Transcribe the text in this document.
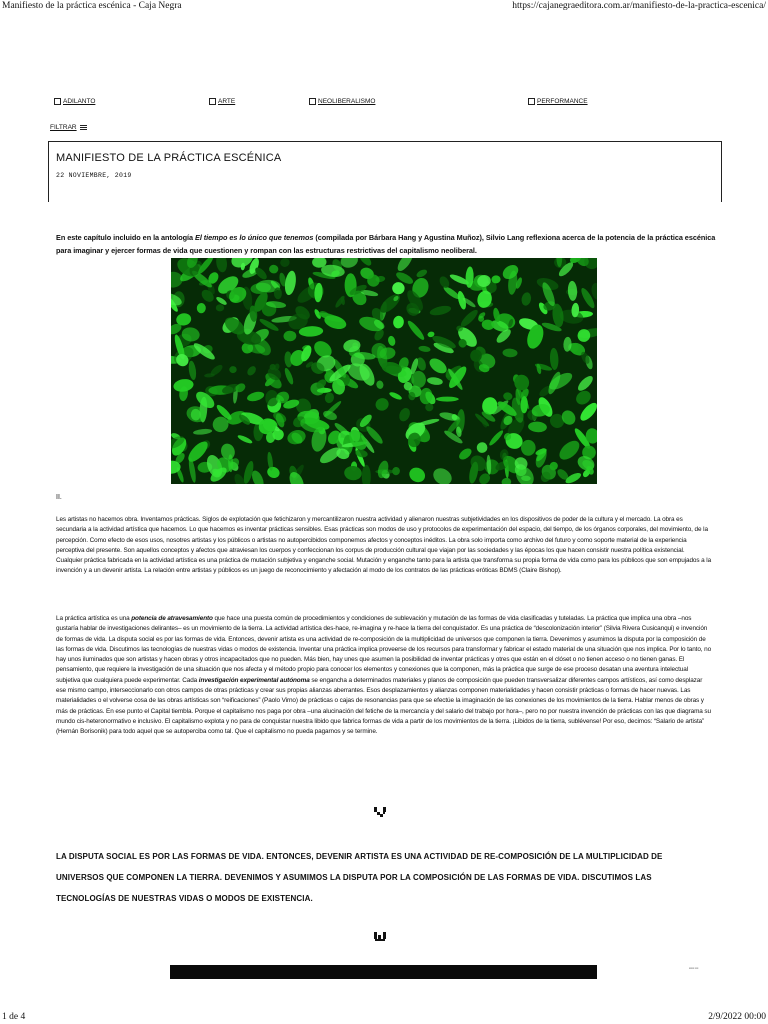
Manifiesto de la práctica escénica - Caja Negra	https://cajanegraeditora.com.ar/manifiesto-de-la-practica-escenica/
ADILANTO	ARTE	NEOLIBERALISMO	PERFORMANCE
FILTRAR
MANIFIESTO DE LA PRÁCTICA ESCÉNICA
22 NOVIEMBRE, 2019

En este capítulo incluido en la antología El tiempo es lo único que tenemos (compilada por Bárbara Hang y Agustina Muñoz), Silvio Lang reflexiona acerca de la potencia de la práctica escénica para imaginar y ejercer formas de vida que cuestionen y rompan con las estructuras restrictivas del capitalismo neoliberal.

II.

Les artistas no hacemos obra. Inventamos prácticas. Siglos de explotación que fetichizaron y mercantilizaron nuestra actividad y alienaron nuestras subjetividades en los dispositivos de poder de la cultura y el mercado. La obra es secundaria a la actividad artística que hacemos. Lo que hacemos es inventar prácticas sensibles. Esas prácticas son modos de uso y protocolos de experimentación del espacio, del tiempo, de los órganos corporales, del movimiento, de la percepción. Como efecto de esos usos, nosotres artistas y los públicos o artistas no autopercibidos componemos afectos y conceptos inéditos. La obra solo importa como archivo del futuro y como soporte material de la experiencia perceptiva del presente. Son aquellos conceptos y afectos que atraviesan los cuerpos y confeccionan los corpus de producción cultural que viajan por las sociedades y las épocas los que hacen consistir nuestra política existencial. Cualquier práctica fabricada en la actividad artística es una práctica de mutación subjetiva y enganche social. Mutación y enganche tanto para la artista que transforma su propia forma de vida como para los públicos que son empujados a la invención y a un devenir artista. La relación entre artistas y públicos es un juego de reconocimiento y afectación al modo de los contratos de las prácticas eróticas BDMS (Claire Bishop).

La práctica artística es una potencia de atravesamiento que hace una puesta común de procedimientos y condiciones de sublevación y mutación de las formas de vida clasificadas y tuteladas. La práctica que implica una obra –nos gustaría hablar de investigaciones delirantes– es un movimiento de la tierra. La actividad artística des-hace, re-imagina y re-hace la tierra del conquistador. Es una práctica de “descolonización interior” (Silvia Rivera Cusicanqui) e invención de formas de vida. La disputa social es por las formas de vida. Entonces, devenir artista es una actividad de re-composición de la multiplicidad de universos que componen la tierra. Devenimos y asumimos la disputa por la composición de las formas de vida. Discutimos las tecnologías de nuestras vidas o modos de existencia. Inventar una práctica implica proveerse de los recursos para transformar y fabricar el estado material de una situación que nos implica. Por lo tanto, no hay unos iluminados que son artistas y hacen obras y otros incapacitados que no pueden. Más bien, hay unes que asumen la posibilidad de inventar prácticas y otres que están en el clóset o no tienen acceso o no tienen ganas. El pensamiento, que requiere la investigación de una situación que nos afecta y el método propio para conocer los elementos y conexiones que la componen, más la práctica que surge de ese proceso desatan una aventura intelectual subjetiva que cualquiera puede experimentar. Cada investigación experimental autónoma se engancha a determinados materiales y planos de composición que pueden transversalizar diferentes campos artísticos, así como desplazar ese mismo campo, interseccionarlo con otros campos de otras prácticas y crear sus propias alianzas aberrantes. Esos desplazamientos y alianzas componen materialidades y hacen consistir prácticas o formas de hacer nuevas. Las materialidades o el volverse cosa de las obras artísticas son “reificaciones” (Paolo Virno) de prácticas o cajas de resonancias para que se efectúe la imaginación de las conexiones de los movimientos de la tierra. Hablar menos de obras y más de prácticas. En ese punto el Capital tiembla. Porque el capitalismo nos paga por obra –una alucinación del fetiche de la mercancía y del salario del trabajo por hora–, pero no por nuestra invención de prácticas con las que diagrama su mundo cis-heteronormativo e inclusivo. El capitalismo explota y no para de conquistar nuestra libido que fabrica formas de vida a partir de los movimientos de la tierra. ¡Libidos de la tierra, sublévense! Por eso, decimos: “Salario de artista” (Hernán Borisonik) para todo aquel que se autoperciba como tal. Que el capitalismo no pueda pagarnos y se termine.

LA DISPUTA SOCIAL ES POR LAS FORMAS DE VIDA. ENTONCES, DEVENIR ARTISTA ES UNA ACTIVIDAD DE RE-COMPOSICIÓN DE LA MULTIPLICIDAD DE UNIVERSOS QUE COMPONEN LA TIERRA. DEVENIMOS Y ASUMIMOS LA DISPUTA POR LA COMPOSICIÓN DE LAS FORMAS DE VIDA. DISCUTIMOS LAS TECNOLOGÍAS DE NUESTRAS VIDAS O MODOS DE EXISTENCIA.
▪▪▪▪▪ ▪▪▪
1 de 4	2/9/2022 00:00
